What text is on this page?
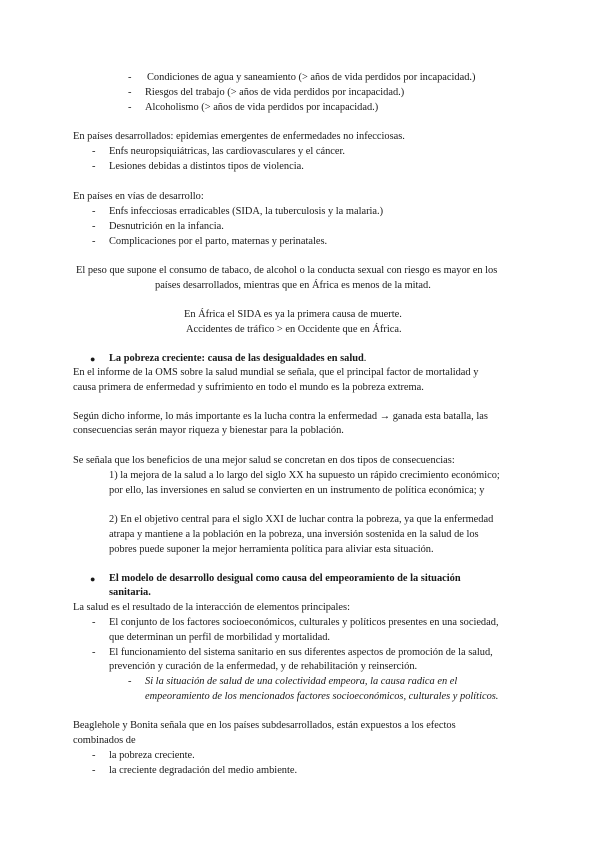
- Condiciones de agua y saneamiento (> años de vida perdidos por incapacidad.)
- Riesgos del trabajo (> años de vida perdidos por incapacidad.)
- Alcoholismo (> años de vida perdidos por incapacidad.)
En países desarrollados: epidemias emergentes de enfermedades no infecciosas.
- Enfs neuropsiquiátricas, las cardiovasculares y el cáncer.
- Lesiones debidas a distintos tipos de violencia.
En países en vías de desarrollo:
- Enfs infecciosas erradicables (SIDA, la tuberculosis y la malaria.)
- Desnutrición en la infancia.
- Complicaciones por el parto, maternas y perinatales.
El peso que supone el consumo de tabaco, de alcohol o la conducta sexual con riesgo es mayor en los
países desarrollados, mientras que en África es menos de la mitad.
En África el SIDA es ya la primera causa de muerte.
Accidentes de tráfico > en Occidente que en África.
● La pobreza creciente: causa de las desigualdades en salud.
En el informe de la OMS sobre la salud mundial se señala, que el principal factor de mortalidad y
causa primera de enfermedad y sufrimiento en todo el mundo es la pobreza extrema.
Según dicho informe, lo más importante es la lucha contra la enfermedad → ganada esta batalla, las
consecuencias serán mayor riqueza y bienestar para la población.
Se señala que los beneficios de una mejor salud se concretan en dos tipos de consecuencias:
1) la mejora de la salud a lo largo del siglo XX ha supuesto un rápido crecimiento económico;
por ello, las inversiones en salud se convierten en un instrumento de política económica; y
2) En el objetivo central para el siglo XXI de luchar contra la pobreza, ya que la enfermedad
atrapa y mantiene a la población en la pobreza, una inversión sostenida en la salud de los
pobres puede suponer la mejor herramienta política para aliviar esta situación.
● El modelo de desarrollo desigual como causa del empeoramiento de la situación
sanitaria.
La salud es el resultado de la interacción de elementos principales:
- El conjunto de los factores socioeconómicos, culturales y políticos presentes en una sociedad,
que determinan un perfil de morbilidad y mortalidad.
- El funcionamiento del sistema sanitario en sus diferentes aspectos de promoción de la salud,
prevención y curación de la enfermedad, y de rehabilitación y reinserción.
- Si la situación de salud de una colectividad empeora, la causa radica en el
empeoramiento de los mencionados factores socioeconómicos, culturales y políticos.
Beaglehole y Bonita señala que en los países subdesarrollados, están expuestos a los efectos
combinados de
- la pobreza creciente.
- la creciente degradación del medio ambiente.
